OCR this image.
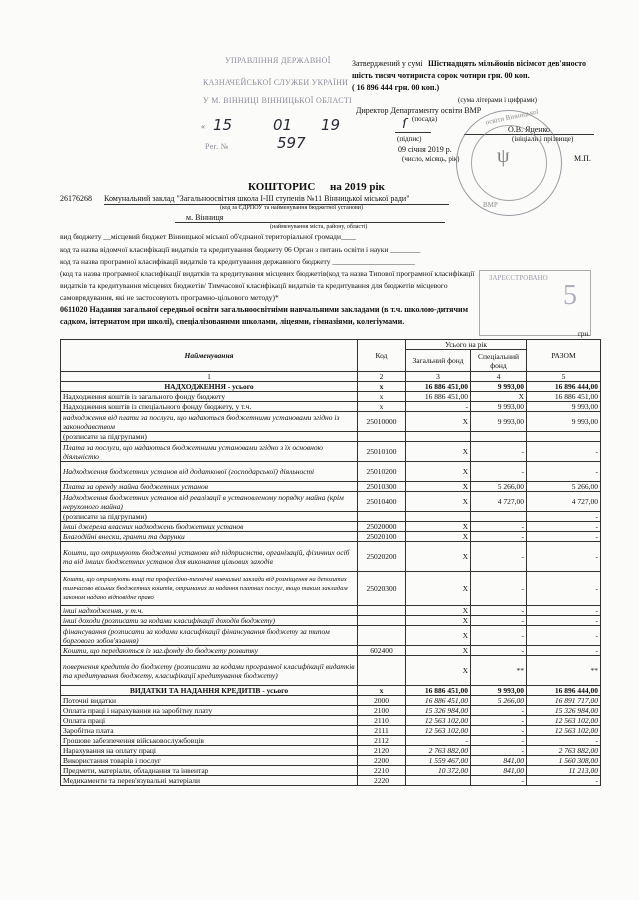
УПРАВЛІННЯ ДЕРЖАВНОЇ
КАЗНАЧЕЙСЬКОЇ СЛУЖБИ УКРАЇНИ
У М. ВІННИЦІ ВІННИЦЬКОЇ ОБЛАСТІ
« 15	01 19
Per. №	597
Затверджений у сумі Шістнадцять мільйонів вісімсот дев'яносто
шість тисяч чотириста сорок чотири грн. 00 коп.
( 16 896 444 грн. 00 коп.)
(сума літерами і цифрами)
Директор Департаменту освіти ВМР
(посада)
ſ	О.В. Яценко
(підпис)	(ініціали і прізвище)
09 січня 2019 р.
(число, місяць, рік)	М.П.
освіти Вінницької
ψ
ВМР
КОШТОРИС на 2019 рік
26176268 Комунальний заклад "Загальноосвітня школа І-ІІІ ступенів №11 Вінницької міської ради"
(код за ЄДРПОУ та найменування бюджетної установи)
м. Вінниця
(найменування міста, району, області)
вид бюджету __місцевий бюджет Вінницької міської об'єднаної територіальної громади____
код та назва відомчої класифікації видатків та кредитування бюджету 06 Орган з питань освіти і науки ________
код та назва програмної класифікації видатків та кредитування державного бюджету ______________________
(код та назва програмної класифікації видатків та кредитування місцевих бюджетів(код та назва Типової програмної класифікації
видатків та кредитування місцевих бюджетів/ Тимчасової класифікації видатків та кредитування для бюджетів місцевого
самоврядування, які не застосовують програмно-цільового методу)*
ЗАРЕЄСТРОВАНО
5
0611020 Надання загальної середньої освіти загальноосвітніми навчальними закладами (в т.ч. школою-дитячим
садком, інтернатом при школі), спеціалізованими школами, ліцеями, гімназіями, колегіумами.
грн.
Найменування	Код	Усього на рік		РАЗОМ
		Загальний фонд	Спеціальний фонд	

1	2	3	4	5
НАДХОДЖЕННЯ - усього	х	16 886 451,00	9 993,00	16 896 444,00
Надходження коштів із загального фонду бюджету	х	16 886 451,00	Х	16 886 451,00
Надходження коштів із спеціального фонду бюджету, у т.ч.	х	-	9 993,00	9 993,00
надходження від плати за послуги, що надаються бюджетними установами згідно із законодавством	25010000	Х	9 993,00	9 993,00
(розписати за підгрупами)				
Плата за послуги, що надаються бюджетними установами згідно з їх основною діяльністю	25010100	Х	-	-
Надходження бюджетних установ від додаткової (господарської) діяльності	25010200	Х	-	-
Плата за оренду майна бюджетних установ	25010300	Х	5 266,00	5 266,00
Надходження бюджетних установ від реалізації в установленому порядку майна (крім нерухомого майна)	25010400	Х	4 727,00	4 727,00
(розписати за підгрупами)				-
інші джерела власних надходжень бюджетних установ	25020000	Х	-	-
Благодійні внески, гранти та дарунки	25020100	Х	-	-
Кошти, що отримують бюджетні установи від підприємств, організацій, фізичних осіб та від інших бюджетних установ для виконання цільових заходів	25020200	Х	-	-
Кошти, що отримують вищі та професійно-технічні навчальні заклади від розміщення на депозитах тимчасово вільних бюджетних коштів, отриманих за надання платних послуг, якщо таким закладам законом надано відповідне право	25020300	Х	-	-
інші надходження, у т.ч.		Х	-	-
інші доходи (розписати за кодами класифікації доходів бюджету)		Х	-	-
фінансування (розписати за кодами класифікації фінансування бюджету за типом боргового зобов'язання)		Х	-	-
Кошти, що передаються із заг.фонду до бюджету розвитку	602400	Х	-	-
повернення кредитів до бюджету (розписати за кодами програмної класифікації видатків та кредитування бюджету, класифікації кредитування бюджету)		Х	**	**
ВИДАТКИ ТА НАДАННЯ КРЕДИТІВ - усього	х	16 886 451,00	9 993,00	16 896 444,00
Поточні видатки	2000	16 886 451,00	5 266,00	16 891 717,00
Оплата праці і нарахування на заробітну плату	2100	15 326 984,00	-	15 326 984,00
Оплата праці	2110	12 563 102,00	-	12 563 102,00
Заробітна плата	2111	12 563 102,00	-	12 563 102,00
Грошове забезпечення військовослужбовців	2112	-	-	-
Нарахування на оплату праці	2120	2 763 882,00	-	2 763 882,00
Використання товарів і послуг	2200	1 559 467,00	841,00	1 560 308,00
Предмети, матеріали, обладнання та інвентар	2210	10 372,00	841,00	11 213,00
Медикаменти та перев'язувальні матеріали	2220		-	-
